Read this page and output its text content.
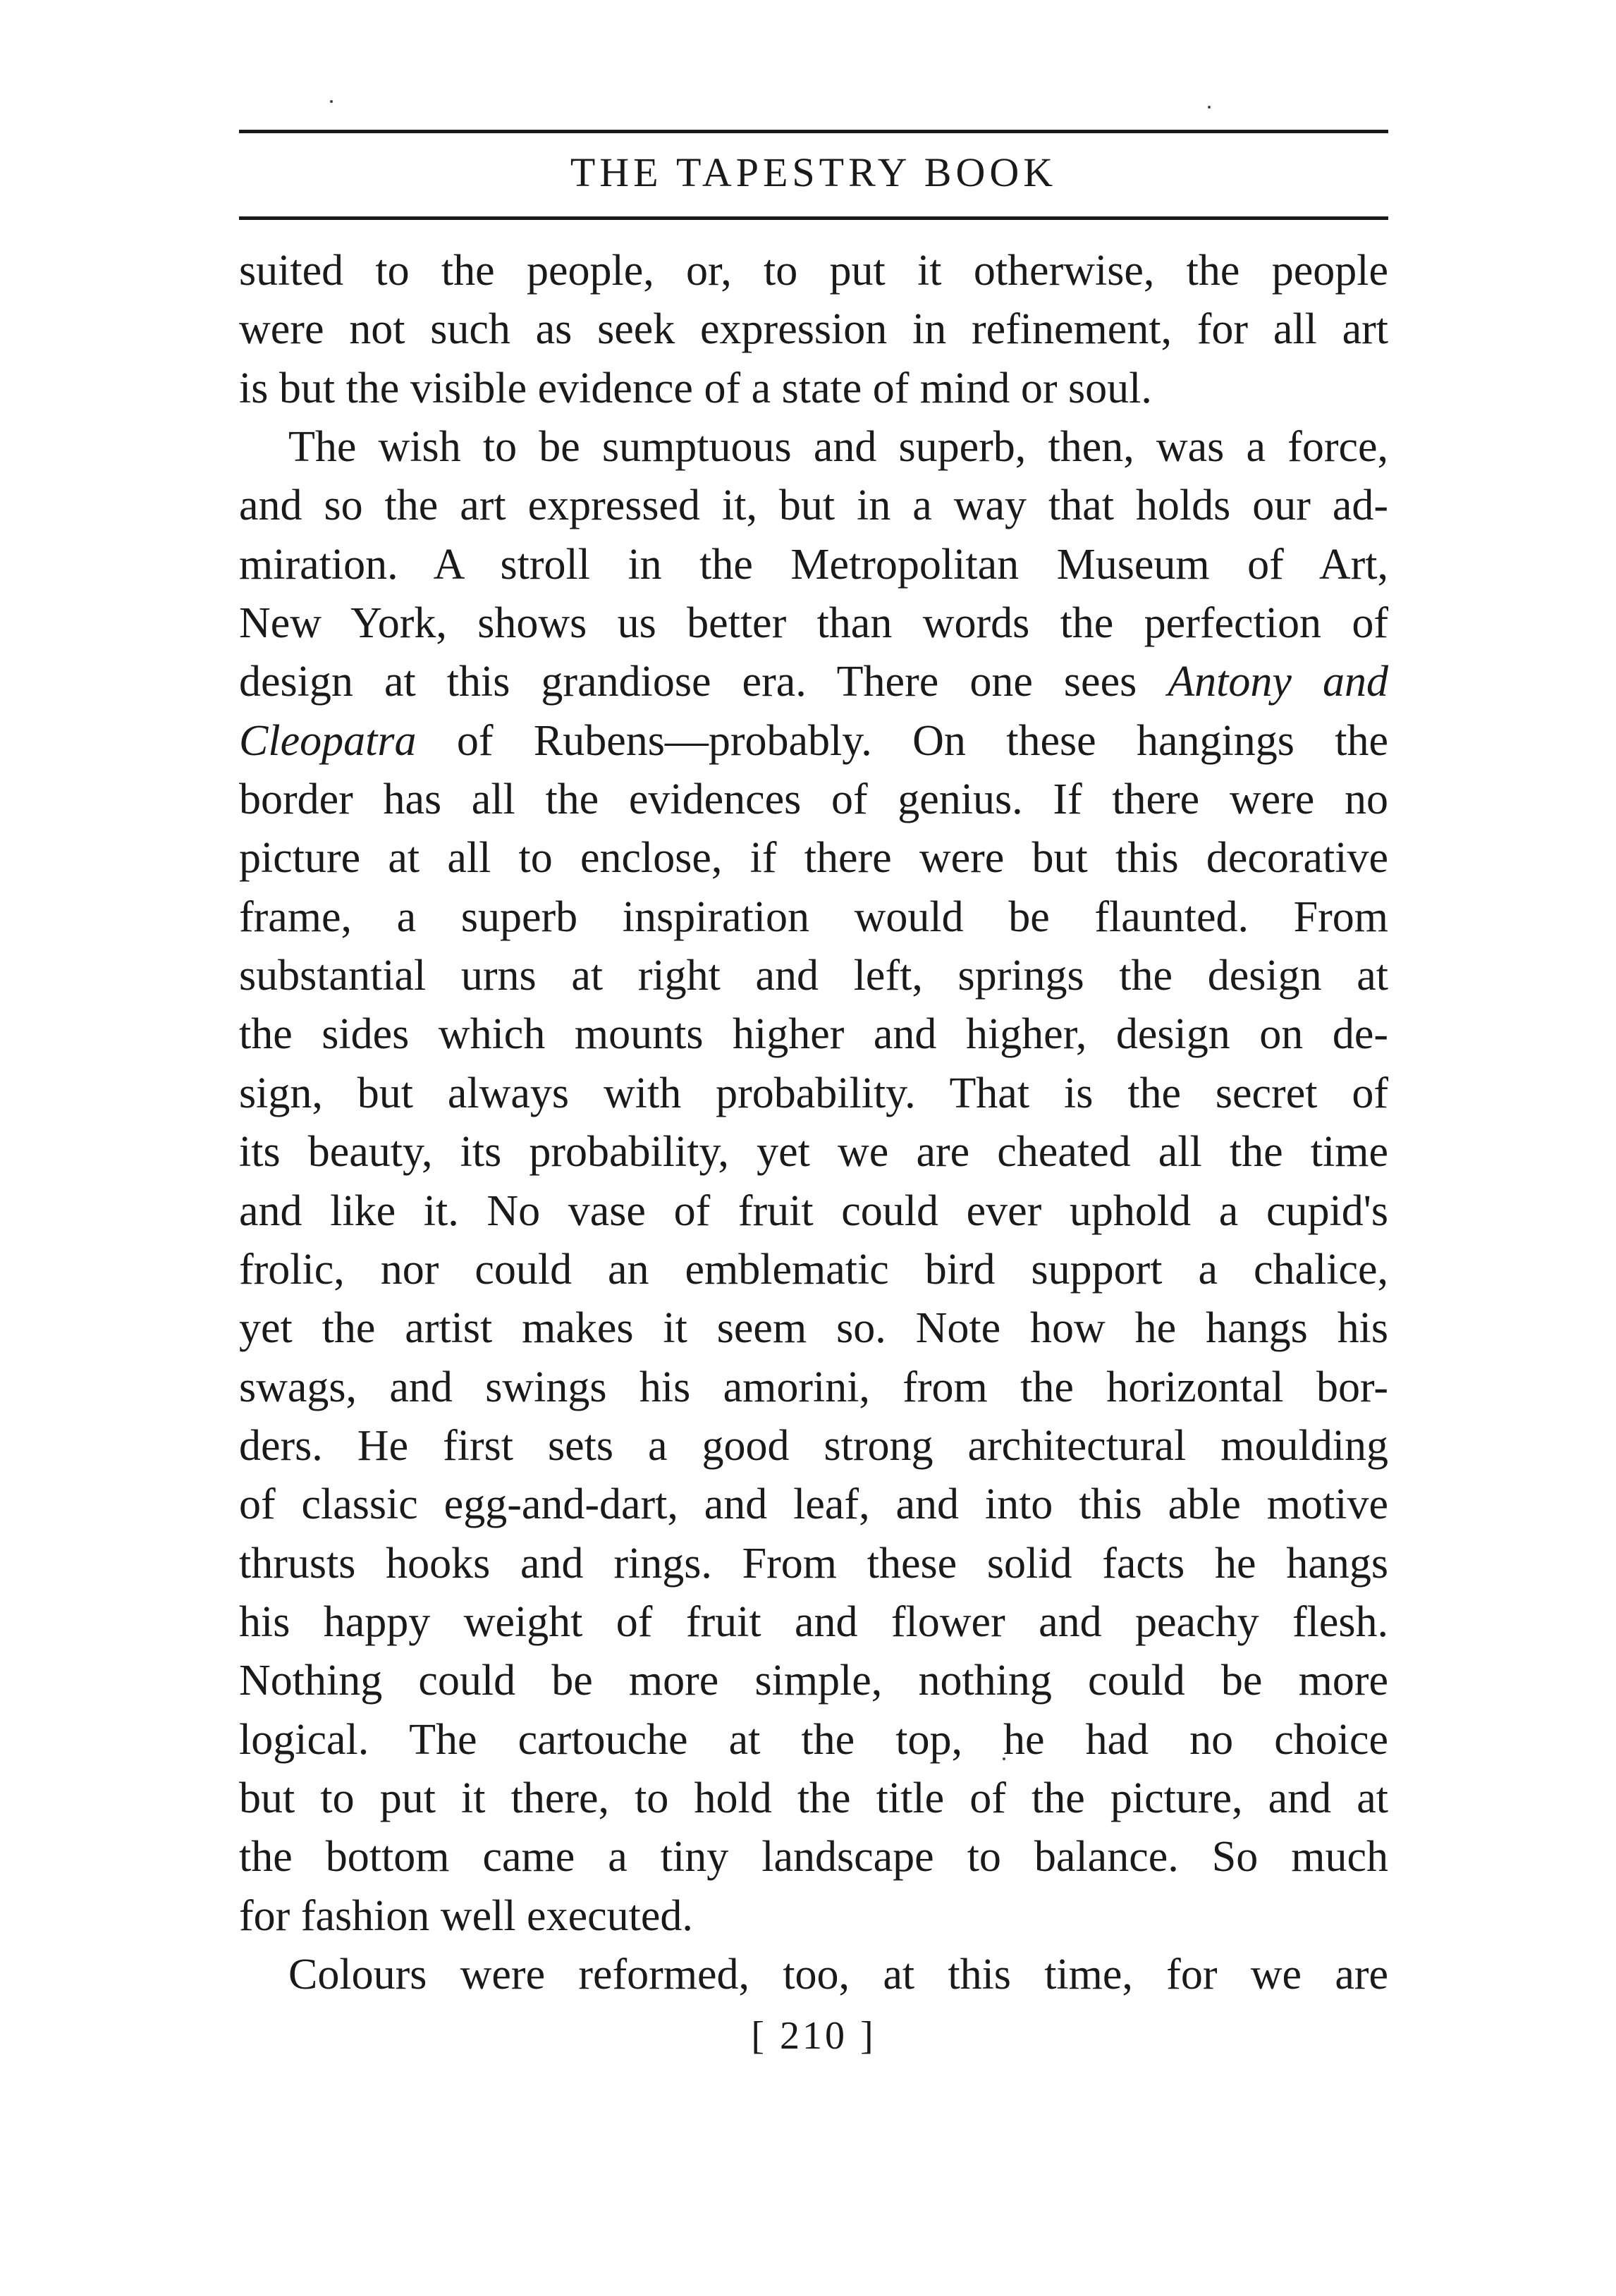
THE TAPESTRY BOOK
suited to the people, or, to put it otherwise, the people
were not such as seek expression in refinement, for all art
is but the visible evidence of a state of mind or soul.
The wish to be sumptuous and superb, then, was a force,
and so the art expressed it, but in a way that holds our ad-
miration. A stroll in the Metropolitan Museum of Art,
New York, shows us better than words the perfection of
design at this grandiose era. There one sees Antony and
Cleopatra of Rubens—probably. On these hangings the
border has all the evidences of genius. If there were no
picture at all to enclose, if there were but this decorative
frame, a superb inspiration would be flaunted. From
substantial urns at right and left, springs the design at
the sides which mounts higher and higher, design on de-
sign, but always with probability. That is the secret of
its beauty, its probability, yet we are cheated all the time
and like it. No vase of fruit could ever uphold a cupid's
frolic, nor could an emblematic bird support a chalice,
yet the artist makes it seem so. Note how he hangs his
swags, and swings his amorini, from the horizontal bor-
ders. He first sets a good strong architectural moulding
of classic egg-and-dart, and leaf, and into this able motive
thrusts hooks and rings. From these solid facts he hangs
his happy weight of fruit and flower and peachy flesh.
Nothing could be more simple, nothing could be more
logical. The cartouche at the top, he had no choice
but to put it there, to hold the title of the picture, and at
the bottom came a tiny landscape to balance. So much
for fashion well executed.
Colours were reformed, too, at this time, for we are
[ 210 ]
